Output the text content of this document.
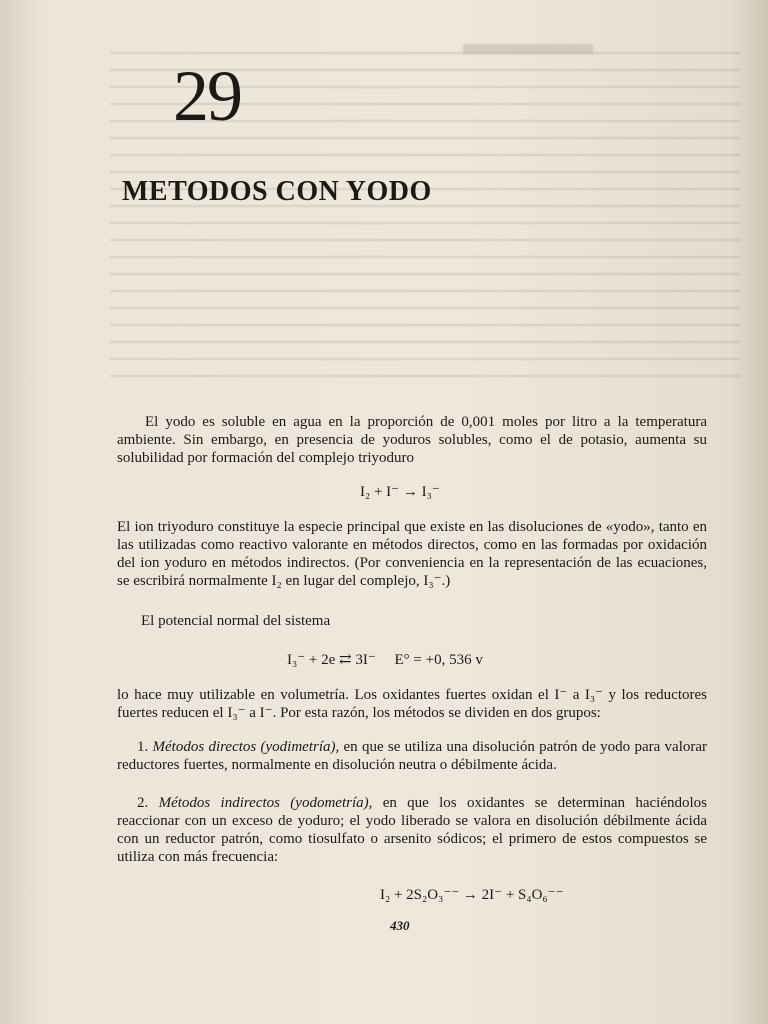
29
METODOS CON YODO

El yodo es soluble en agua en la proporción de 0,001 moles por litro a la temperatura ambiente. Sin embargo, en presencia de yoduros solubles, como el de potasio, aumenta su solubilidad por formación del complejo triyoduro

I₂ + I⁻ → I₃⁻

El ion triyoduro constituye la especie principal que existe en las disoluciones de «yodo», tanto en las utilizadas como reactivo valorante en métodos directos, como en las formadas por oxidación del ion yoduro en métodos indirectos. (Por conveniencia en la representación de las ecuaciones, se escribirá normalmente I₂ en lugar del complejo, I₃⁻.)

El potencial normal del sistema

I₃⁻ + 2e ⇄ 3I⁻     E° = +0, 536 v

lo hace muy utilizable en volumetría. Los oxidantes fuertes oxidan el I⁻ a I₃⁻ y los reductores fuertes reducen el I₃⁻ a I⁻. Por esta razón, los métodos se dividen en dos grupos:

1. Métodos directos (yodimetría), en que se utiliza una disolución patrón de yodo para valorar reductores fuertes, normalmente en disolución neutra o débilmente ácida.

2. Métodos indirectos (yodometría), en que los oxidantes se determinan haciéndolos reaccionar con un exceso de yoduro; el yodo liberado se valora en disolución débilmente ácida con un reductor patrón, como tiosulfato o arsenito sódicos; el primero de estos compuestos se utiliza con más frecuencia:

I₂ + 2S₂O₃⁻⁻ → 2I⁻ + S₄O₆⁻⁻
430
